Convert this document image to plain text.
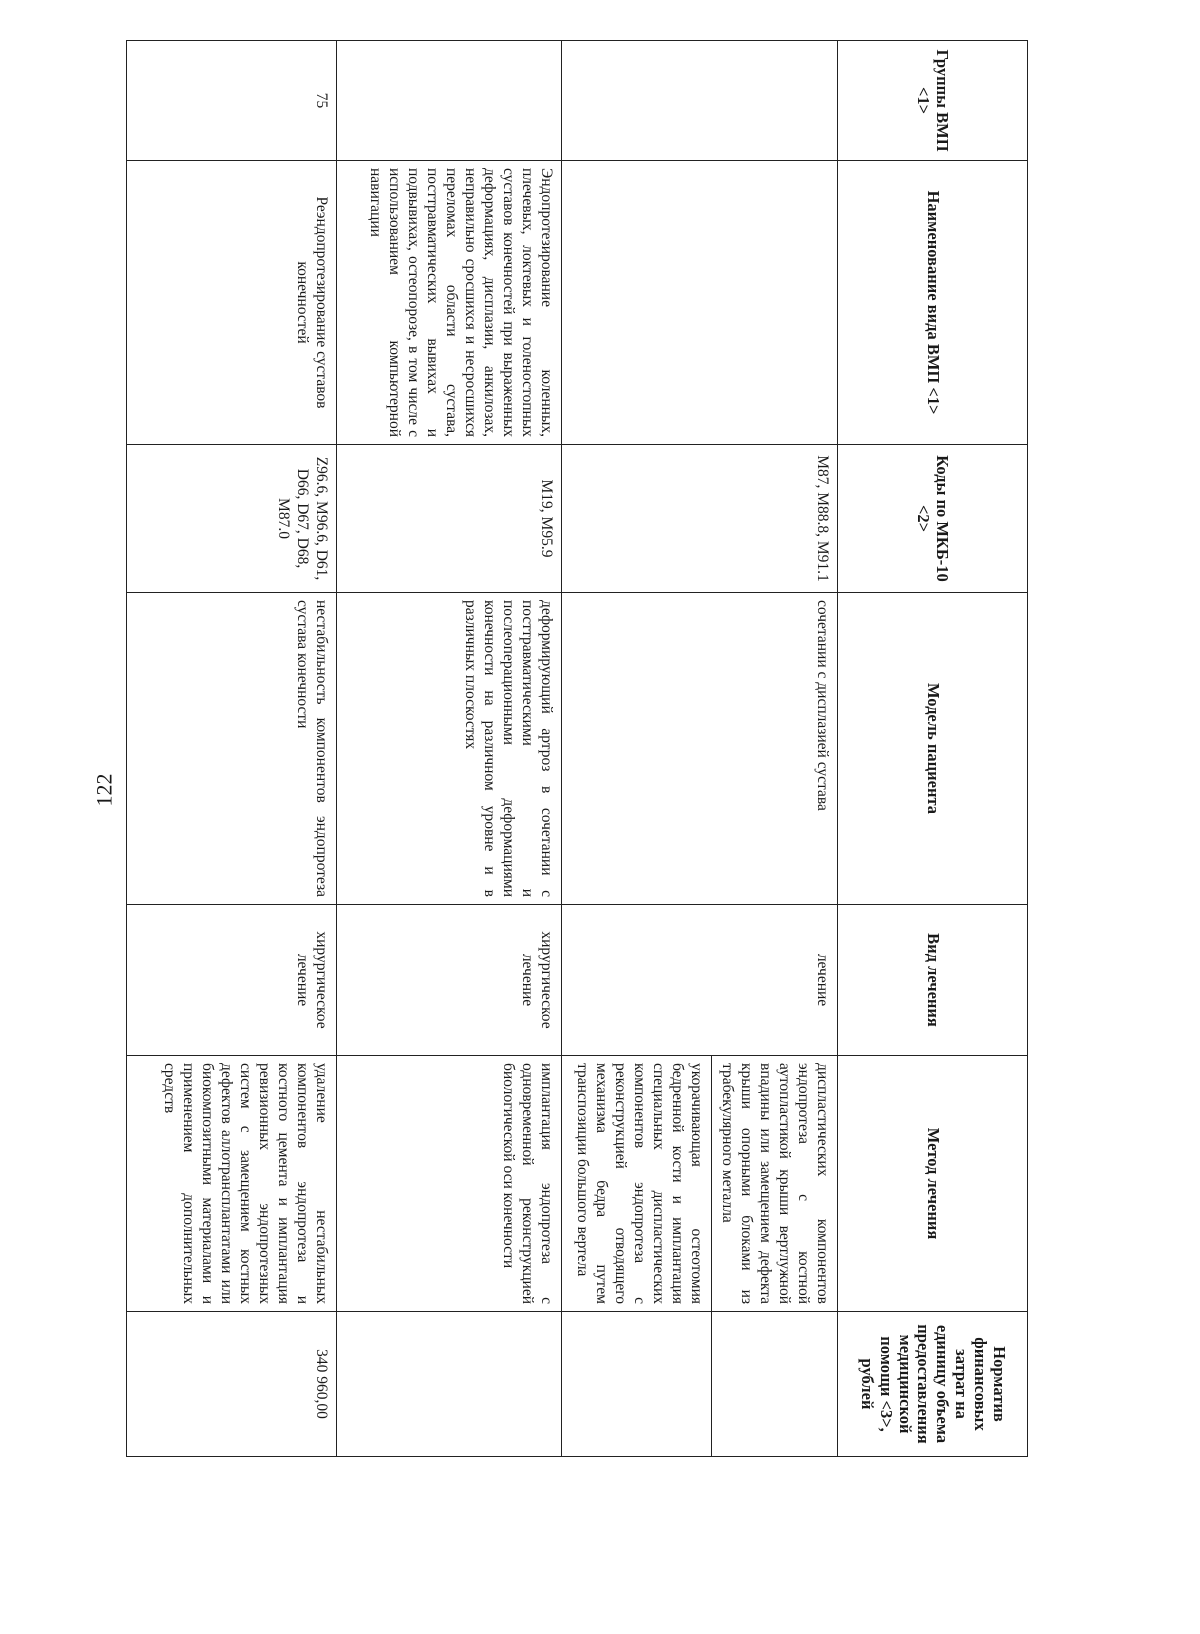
122
Группы ВМП <1>	Наименование вида ВМП <1>	Коды по МКБ-10 <2>	Модель пациента	Вид лечения	Метод лечения	Норматив финансовых затрат на единицу объема предоставления медицинской помощи <3>, рублей
		M87, M88.8, M91.1	сочетании с дисплазией сустава	лечение	диспластических компонентов эндопротеза с костной аутопластикой крыши вертлужной впадины или замещением дефекта крыши опорными блоками из трабекулярного металла	
					укорачивающая остеотомия бедренной кости и имплантация специальных диспластических компонентов эндопротеза с реконструкцией отводящего механизма бедра путем транспозиции большого вертела	
	Эндопротезирование коленных, плечевых, локтевых и голеностопных суставов конечностей при выраженных деформациях, дисплазии, анкилозах, неправильно сросшихся и несросшихся переломах области сустава, посттравматических вывихах и подвывихах, остеопорозе, в том числе с использованием компьютерной навигации	M19, M95.9	деформирующий артроз в сочетании с посттравматическими и послеоперационными деформациями конечности на различном уровне и в различных плоскостях	хирургическое лечение	имплантация эндопротеза с одновременной реконструкцией биологической оси конечности	
75	Реэндопротезирование суставов конечностей	Z96.6, M96.6, D61, D66, D67, D68, M87.0	нестабильность компонентов эндопротеза сустава конечности	хирургическое лечение	удаление нестабильных компонентов эндопротеза и костного цемента и имплантация ревизионных эндопротезных систем с замещением костных дефектов аллотрансплантатами или биокомпозитными материалами и применением дополнительных средств	340 960,00
